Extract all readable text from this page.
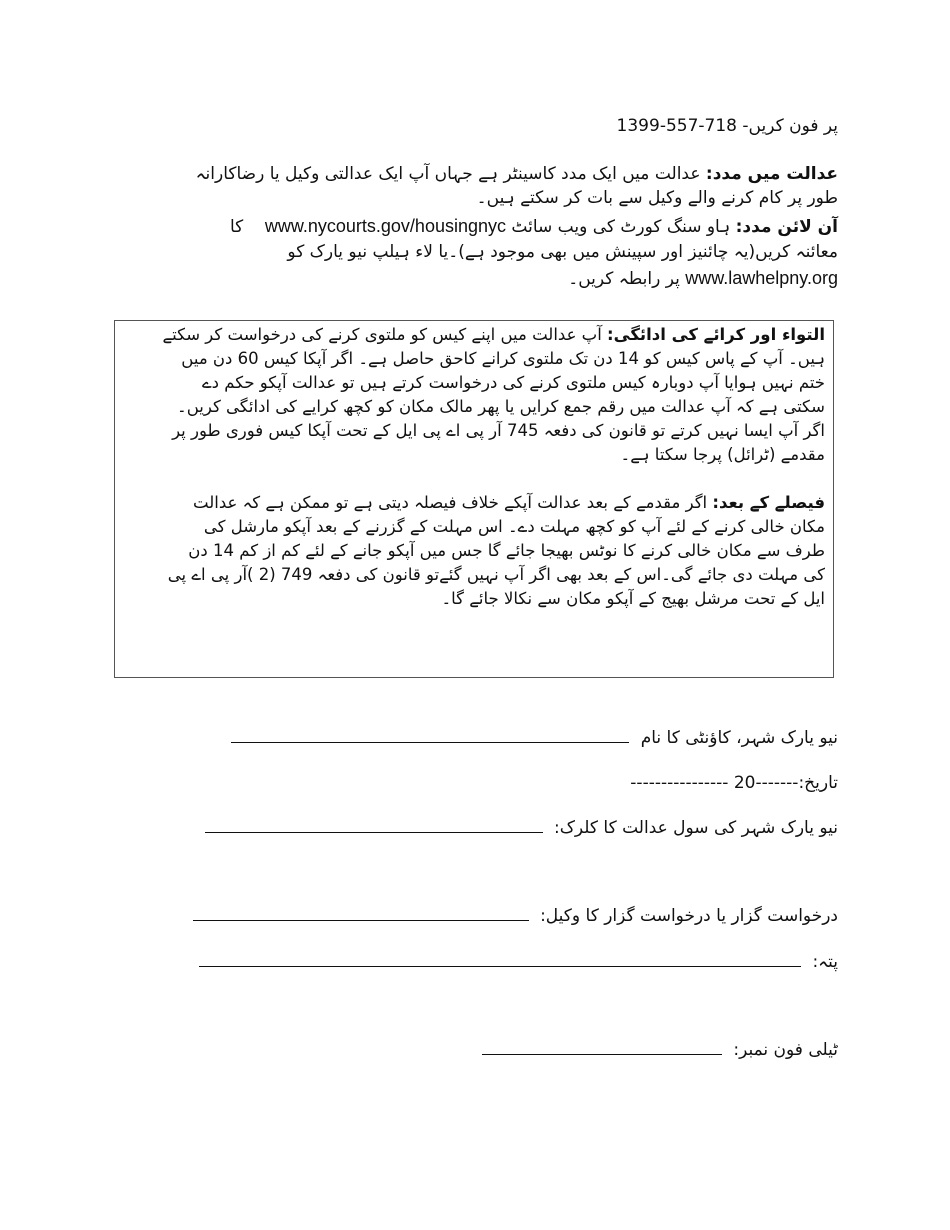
پر فون کریں- 718-557-1399
عدالت میں مدد: عدالت میں ایک مدد کاسینٹر ہے جہاں آپ ایک عدالتی وکیل یا رضاکارانہ
طور پر کام کرنے والے وکیل سے بات کر سکتے ہیں۔
آن لائن مدد: ہاو سنگ کورٹ کی ویب سائٹ www.nycourts.gov/housingnyc    کا
معائنہ کریں(یہ چائنیز اور سپینش میں بھی موجود ہے)۔یا لاء ہیلپ نیو یارک کو
www.lawhelpny.org پر رابطہ کریں۔

التواء اور کرائے کی ادائگی: آپ عدالت میں اپنے کیس کو ملتوی کرنے کی درخواست کر سکتے
ہیں۔ آپ کے پاس کیس کو 14 دن تک ملتوی کرانے کاحق حاصل ہے۔ اگر آپکا کیس 60 دن میں
ختم نہیں ہوایا آپ دوبارہ کیس ملتوی کرنے کی درخواست کرتے ہیں تو عدالت آپکو حکم دے
سکتی ہے کہ آپ عدالت میں رقم جمع کرایں یا پھر مالک مکان کو کچھ کرایے کی ادائگی کریں۔
اگر آپ ایسا نہیں کرتے تو قانون کی دفعہ 745 آر پی اے پی ایل کے تحت آپکا کیس فوری طور پر
مقدمے (ٹرائل) پرجا سکتا ہے۔

فیصلے کے بعد: اگر مقدمے کے بعد عدالت آپکے خلاف فیصلہ دیتی ہے تو ممکن ہے کہ عدالت
مکان خالی کرنے کے لئے آپ کو کچھ مہلت دے۔ اس مہلت کے گزرنے کے بعد آپکو مارشل کی
طرف سے مکان خالی کرنے کا نوٹس بھیجا جائے گا جس میں آپکو جانے کے لئے کم از کم 14 دن
کی مہلت دی جائے گی۔اس کے بعد بھی اگر آپ نہیں گئےتو قانون کی دفعہ 749 (2 )آر پی اے پی
ایل کے تحت مرشل بھیج کے آپکو مکان سے نکالا جائے گا۔

نیو یارک شہر، کاؤنٹی کا نام
تاریخ:-------20 ----------------
نیو یارک شہر کی سول عدالت کا کلرک:
درخواست گزار یا درخواست گزار کا وکیل:
پتہ:
ٹیلی فون نمبر:
